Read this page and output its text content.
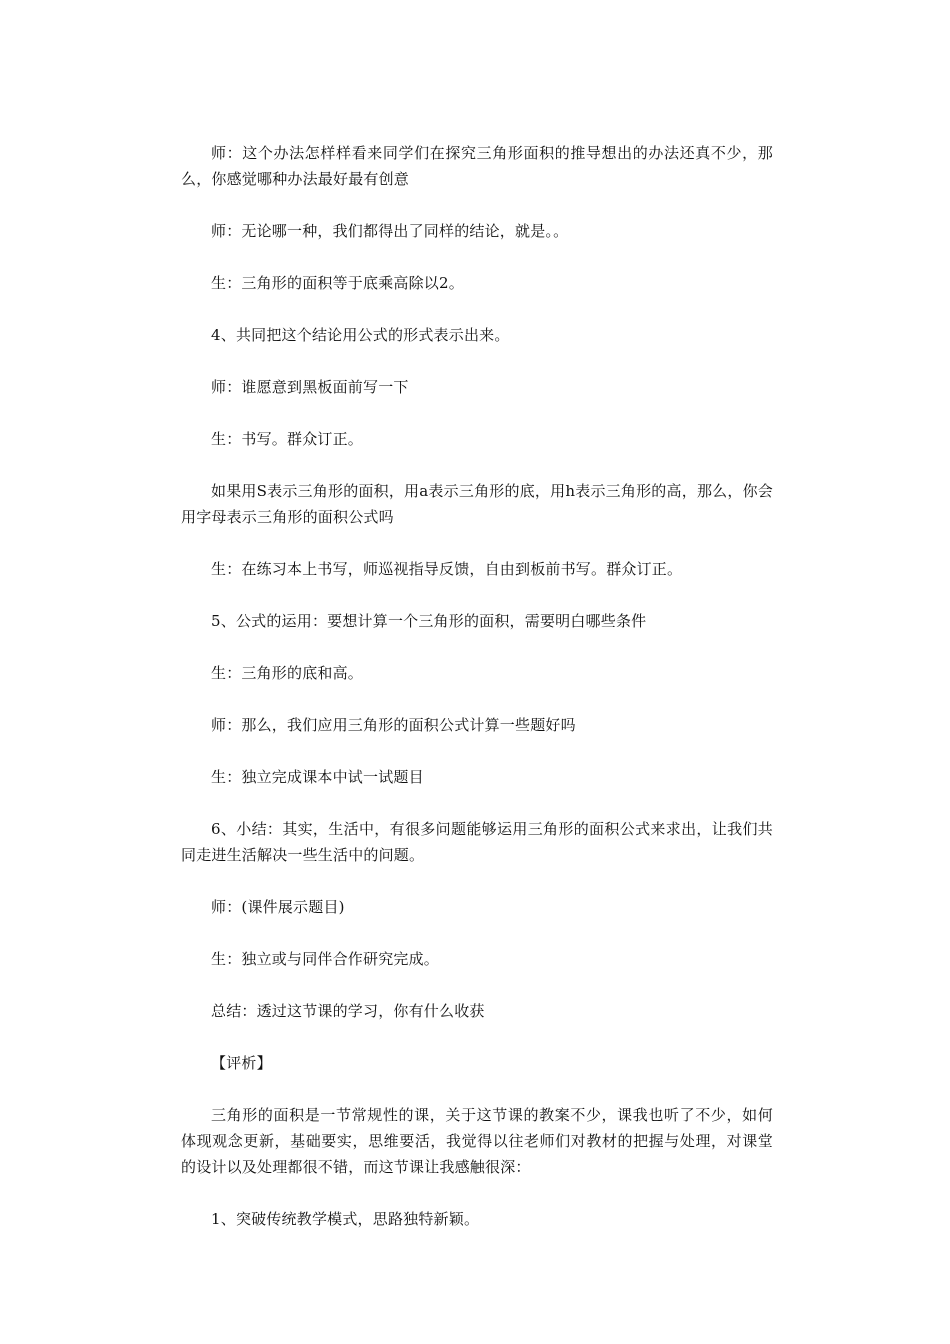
师：这个办法怎样样看来同学们在探究三角形面积的推导想出的办法还真不少，那么，你感觉哪种办法最好最有创意

师：无论哪一种，我们都得出了同样的结论，就是。。

生：三角形的面积等于底乘高除以2。

4、共同把这个结论用公式的形式表示出来。

师：谁愿意到黑板面前写一下

生：书写。群众订正。

如果用S表示三角形的面积，用a表示三角形的底，用h表示三角形的高，那么，你会用字母表示三角形的面积公式吗

生：在练习本上书写，师巡视指导反馈，自由到板前书写。群众订正。

5、公式的运用：要想计算一个三角形的面积，需要明白哪些条件

生：三角形的底和高。

师：那么，我们应用三角形的面积公式计算一些题好吗

生：独立完成课本中试一试题目

6、小结：其实，生活中，有很多问题能够运用三角形的面积公式来求出，让我们共同走进生活解决一些生活中的问题。

师：(课件展示题目)

生：独立或与同伴合作研究完成。

总结：透过这节课的学习，你有什么收获

【评析】

三角形的面积是一节常规性的课，关于这节课的教案不少，课我也听了不少，如何体现观念更新，基础要实，思维要活，我觉得以往老师们对教材的把握与处理，对课堂的设计以及处理都很不错，而这节课让我感触很深：

1、突破传统教学模式，思路独特新颖。
